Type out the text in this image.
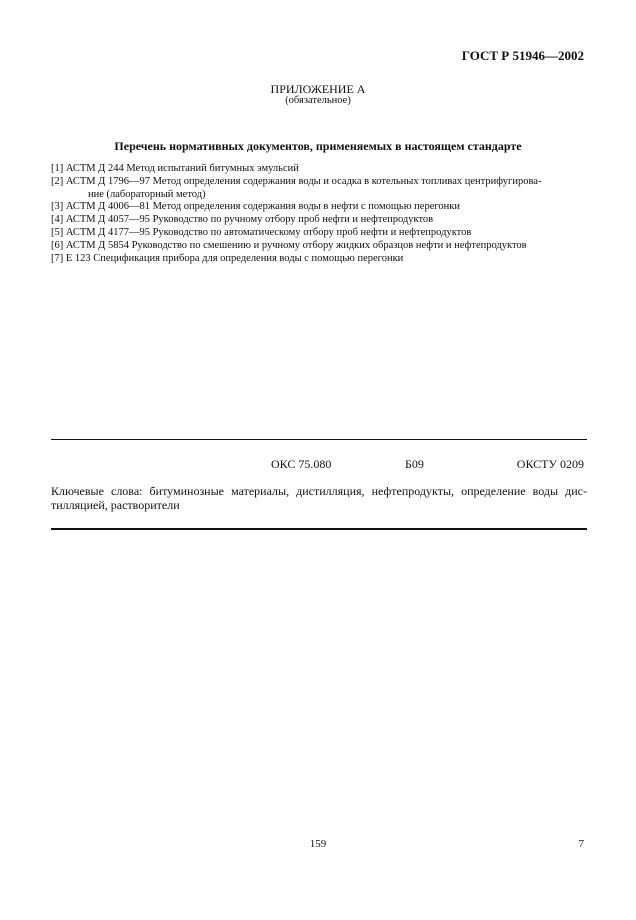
ГОСТ Р 51946—2002
ПРИЛОЖЕНИЕ А
(обязательное)
Перечень нормативных документов, применяемых в настоящем стандарте
[1] АСТМ Д 244 Метод испытаний битумных эмульсий
[2] АСТМ Д 1796—97 Метод определения содержания воды и осадка в котельных топливах центрифугирова-
ние (лабораторный метод)
[3] АСТМ Д 4006—81 Метод определения содержания воды в нефти с помощью перегонки
[4] АСТМ Д 4057—95 Руководство по ручному отбору проб нефти и нефтепродуктов
[5] АСТМ Д 4177—95 Руководство по автоматическому отбору проб нефти и нефтепродуктов
[6] АСТМ Д 5854 Руководство по смешению и ручному отбору жидких образцов нефти и нефтепродуктов
[7] Е 123 Спецификация прибора для определения воды с помощью перегонки
ОКС 75.080	Б09	ОКСТУ 0209
Ключевые слова: битуминозные материалы, дистилляция, нефтепродукты, определение воды дис-
тилляцией, растворители
159	7
